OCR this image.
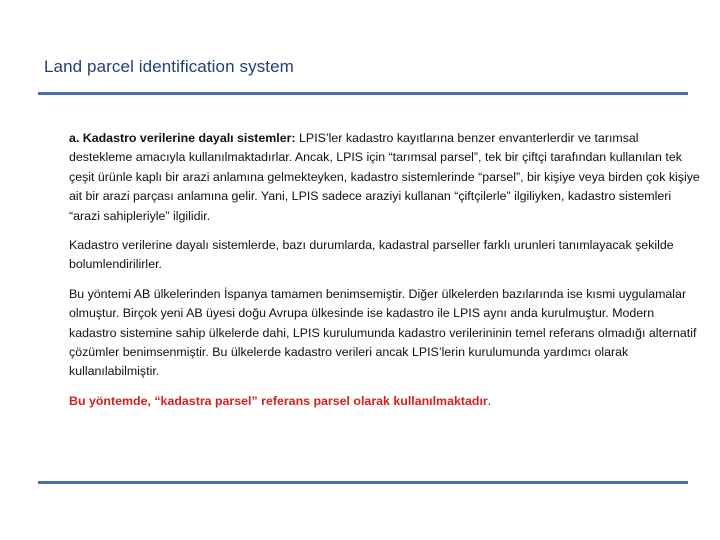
Land parcel identification system

a. Kadastro verilerine dayalı sistemler: LPIS’ler kadastro kayıtlarına benzer envanterlerdir ve tarımsal destekleme amacıyla kullanılmaktadırlar. Ancak, LPIS için “tarımsal parsel”, tek bir çiftçi tarafından kullanılan tek çeşit ürünle kaplı bir arazi anlamına gelmekteyken, kadastro sistemlerinde “parsel”, bir kişiye veya birden çok kişiye ait bir arazi parçası anlamına gelir. Yani, LPIS sadece araziyi kullanan “çiftçilerle” ilgiliyken, kadastro sistemleri “arazi sahipleriyle” ilgilidir.

Kadastro verilerine dayalı sistemlerde, bazı durumlarda, kadastral parseller farklı urunleri tanımlayacak şekilde bolumlendirilirler.

Bu yöntemi AB ülkelerinden İspanya tamamen benimsemiştir. Diğer ülkelerden bazılarında ise kısmi uygulamalar olmuştur. Birçok yeni AB üyesi doğu Avrupa ülkesinde ise kadastro ile LPIS aynı anda kurulmuştur. Modern kadastro sistemine sahip ülkelerde dahi, LPIS kurulumunda kadastro verilerininin temel referans olmadığı alternatif çözümler benimsenmiştir. Bu ülkelerde kadastro verileri ancak LPIS’lerin kurulumunda yardımcı olarak kullanılabilmiştir.

Bu yöntemde, “kadastra parsel” referans parsel olarak kullanılmaktadır.
